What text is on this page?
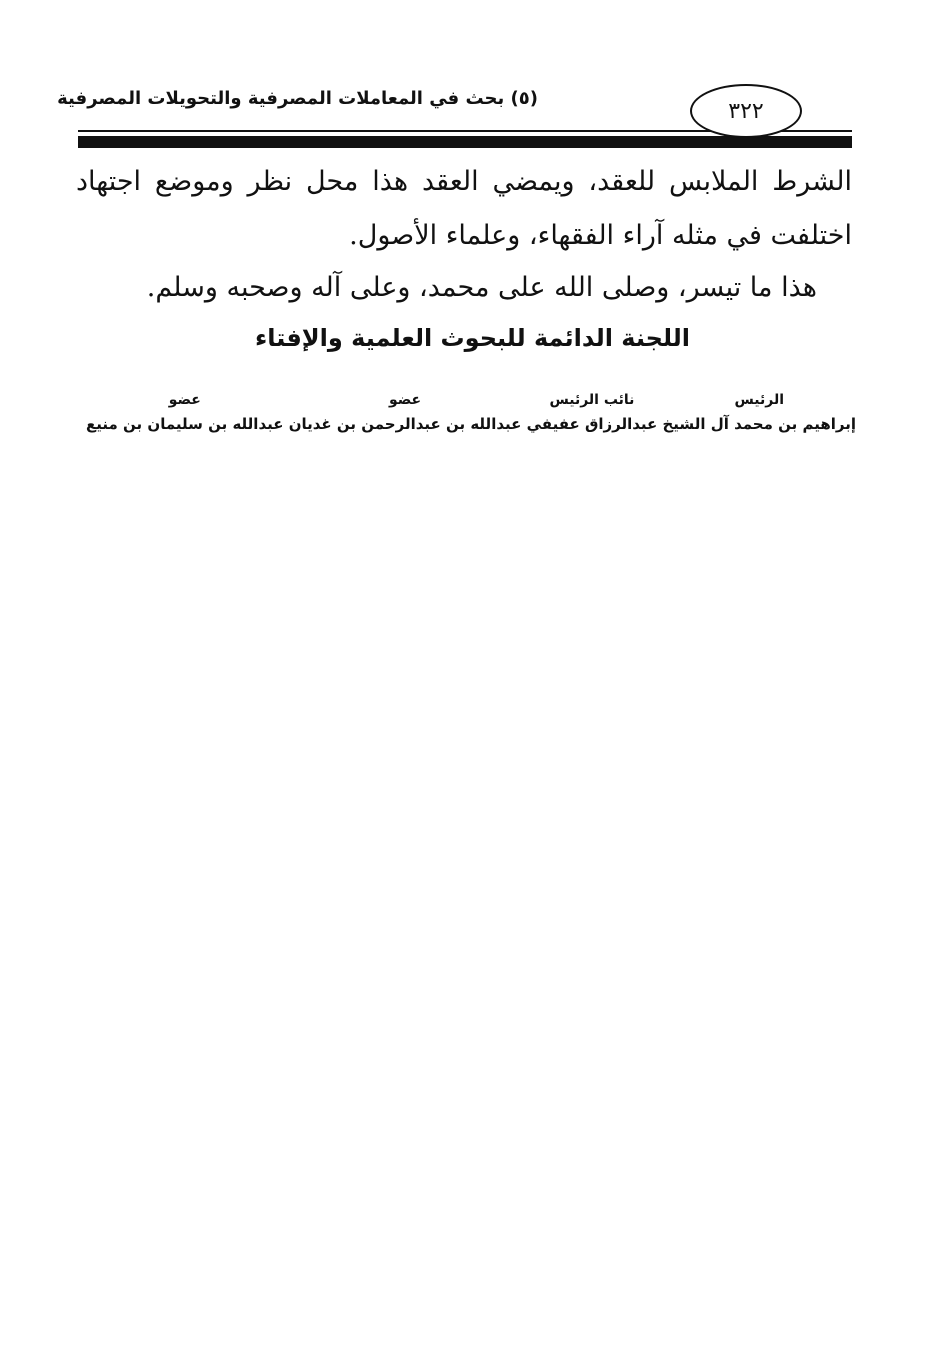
(٥) بحث في المعاملات المصرفية والتحويلات المصرفية	٣٢٢
الشرط الملابس للعقد، ويمضي العقد هذا محل نظر وموضع اجتهاد
اختلفت في مثله آراء الفقهاء، وعلماء الأصول.
هذا ما تيسر، وصلى الله على محمد، وعلى آله وصحبه وسلم.
اللجنة الدائمة للبحوث العلمية والإفتاء
عضو
عبدالله بن سليمان بن منيع
عضو
عبدالله بن عبدالرحمن بن غديان
نائب الرئيس
عبدالرزاق عفيفي
الرئيس
إبراهيم بن محمد آل الشيخ
